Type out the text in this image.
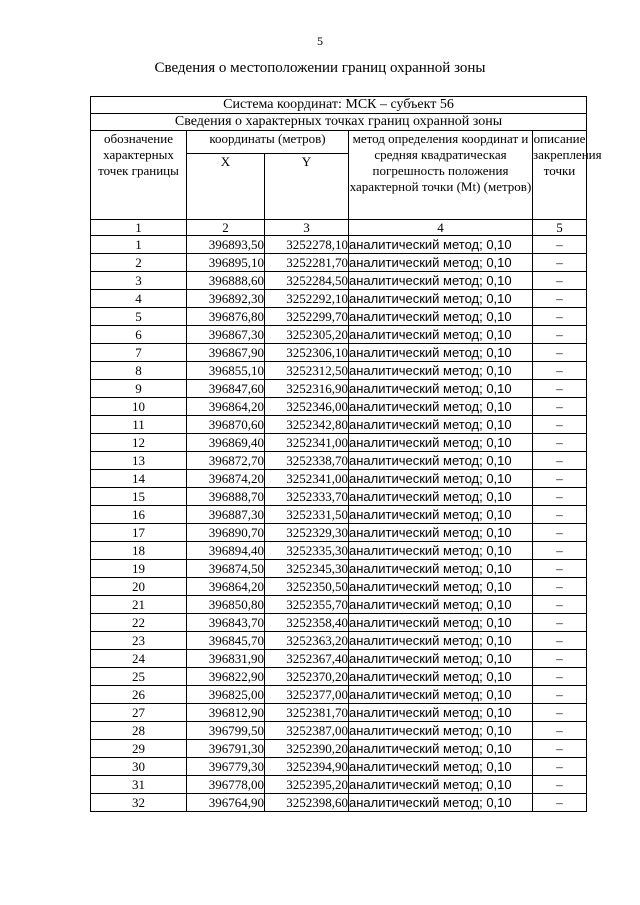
5
Сведения о местоположении границ охранной зоны
Система координат: МСК – субъект 56				
Сведения о характерных точках границ охранной зоны				
обозначение характерных точек границы	координаты (метров)		метод определения координат и средняя квадратическая погрешность положения характерной точки (Mt) (метров)	описание закрепления точки
	X	Y		
1	2	3	4	5
1	396893,50	3252278,10	аналитический метод; 0,10	–
2	396895,10	3252281,70	аналитический метод; 0,10	–
3	396888,60	3252284,50	аналитический метод; 0,10	–
4	396892,30	3252292,10	аналитический метод; 0,10	–
5	396876,80	3252299,70	аналитический метод; 0,10	–
6	396867,30	3252305,20	аналитический метод; 0,10	–
7	396867,90	3252306,10	аналитический метод; 0,10	–
8	396855,10	3252312,50	аналитический метод; 0,10	–
9	396847,60	3252316,90	аналитический метод; 0,10	–
10	396864,20	3252346,00	аналитический метод; 0,10	–
11	396870,60	3252342,80	аналитический метод; 0,10	–
12	396869,40	3252341,00	аналитический метод; 0,10	–
13	396872,70	3252338,70	аналитический метод; 0,10	–
14	396874,20	3252341,00	аналитический метод; 0,10	–
15	396888,70	3252333,70	аналитический метод; 0,10	–
16	396887,30	3252331,50	аналитический метод; 0,10	–
17	396890,70	3252329,30	аналитический метод; 0,10	–
18	396894,40	3252335,30	аналитический метод; 0,10	–
19	396874,50	3252345,30	аналитический метод; 0,10	–
20	396864,20	3252350,50	аналитический метод; 0,10	–
21	396850,80	3252355,70	аналитический метод; 0,10	–
22	396843,70	3252358,40	аналитический метод; 0,10	–
23	396845,70	3252363,20	аналитический метод; 0,10	–
24	396831,90	3252367,40	аналитический метод; 0,10	–
25	396822,90	3252370,20	аналитический метод; 0,10	–
26	396825,00	3252377,00	аналитический метод; 0,10	–
27	396812,90	3252381,70	аналитический метод; 0,10	–
28	396799,50	3252387,00	аналитический метод; 0,10	–
29	396791,30	3252390,20	аналитический метод; 0,10	–
30	396779,30	3252394,90	аналитический метод; 0,10	–
31	396778,00	3252395,20	аналитический метод; 0,10	–
32	396764,90	3252398,60	аналитический метод; 0,10	–
